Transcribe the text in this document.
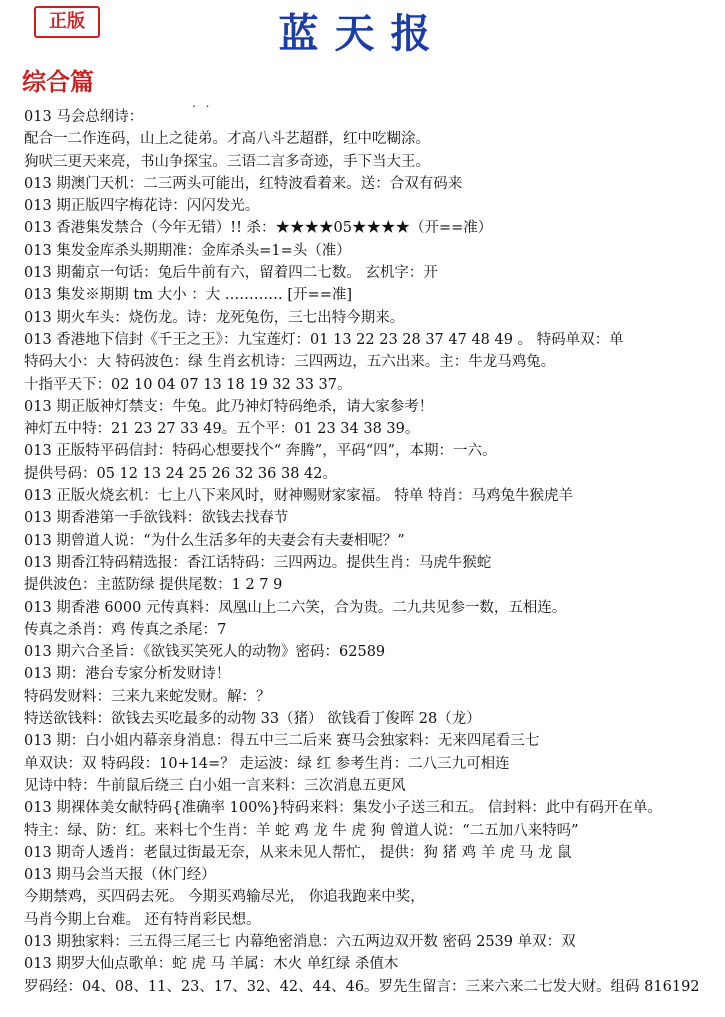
正版	蓝天报
综合篇
. .
013 马会总纲诗：
配合一二作连码，山上之徒弟。才高八斗艺超群，红中吃糊涂。
狗吠三更天来亮，书山争探宝。三语二言多奇迹，手下当大王。
013 期澳门天机：二三两头可能出，红特波看着来。送：合双有码来
013 期正版四字梅花诗：闪闪发光。
013 香港集发禁合（今年无错）!! 杀：★★★★05★★★★（开==准）
013 集发金库杀头期期准：金库杀头=1=头（准）
013 期葡京一句话：兔后牛前有六，留着四二七数。 玄机字：开
013 集发※期期 tm 大小 ：大 ………… [开==准]
013 期火车头：烧伤龙。诗：龙死兔伤，三七出特今期来。
013 香港地下信封《千王之王》：九宝莲灯：01 13 22 23 28 37 47 48 49 。 特码单双：单
特码大小：大 特码波色：绿 生肖玄机诗：三四两边，五六出来。主：牛龙马鸡兔。
十指平天下：02 10 04 07 13 18 19 32 33 37。
013 期正版神灯禁支：牛兔。此乃神灯特码绝杀，请大家参考！
神灯五中特：21 23 27 33 49。五个平：01 23 34 38 39。
013 正版特平码信封：特码心想要找个“ 奔腾”，平码“四”，本期：一六。
提供号码：05 12 13 24 25 26 32 36 38 42。
013 正版火烧玄机：七上八下来风时，财神赐财家家福。 特单 特肖：马鸡兔牛猴虎羊
013 期香港第一手欲钱料：欲钱去找春节
013 期曾道人说：“为什么生活多年的夫妻会有夫妻相呢？”
013 期香江特码精选报：香江话特码：三四两边。提供生肖：马虎牛猴蛇
提供波色：主蓝防绿 提供尾数：1 2 7 9
013 期香港 6000 元传真料：凤凰山上二六笑，合为贵。二九共见参一数，五相连。
传真之杀肖：鸡 传真之杀尾：7
013 期六合圣旨：《欲钱买笑死人的动物》密码：62589
013 期：港台专家分析发财诗！
特码发财料：三来九来蛇发财。解：？
特送欲钱料：欲钱去买吃最多的动物 33（猪） 欲钱看丁俊晖 28（龙）
013 期：白小姐内幕亲身消息：得五中三二后来 赛马会独家料：无来四尾看三七
单双诀：双 特码段：10+14=？ 走运波：绿 红 参考生肖：二八三九可相连
见诗中特：牛前鼠后绕三 白小姐一言来料：三次消息五更风
013 期裸体美女献特码{准确率 100%}特码来料：集发小子送三和五。 信封料：此中有码开在单。
特主：绿、防：红。来料七个生肖：羊 蛇 鸡 龙 牛 虎 狗 曾道人说：“二五加八来特吗”
013 期奇人透肖：老鼠过街最无奈，从来未见人帮忙， 提供：狗 猪 鸡 羊 虎 马 龙 鼠
013 期马会当天报（休门经）
今期禁鸡，买四码去死。 今期买鸡输尽光， 你追我跑来中奖，
马肖今期上台难。 还有特肖彩民想。
013 期独家料：三五得三尾三七 内幕绝密消息：六五两边双开数 密码 2539 单双：双
013 期罗大仙点歌单：蛇 虎 马 羊属：木火 单红绿 杀值木
罗码经：04、08、11、23、17、32、42、44、46。罗先生留言：三来六来二七发大财。组码 816192
